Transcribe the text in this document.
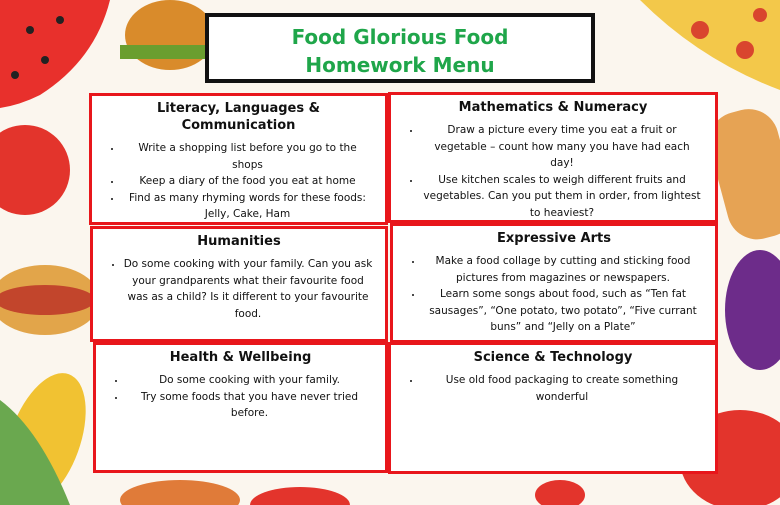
Food Glorious Food
Homework Menu
Literacy, Languages & Communication
• Write a shopping list before you go to the shops
• Keep a diary of the food you eat at home
• Find as many rhyming words for these foods: Jelly, Cake, Ham
Mathematics & Numeracy
• Draw a picture every time you eat a fruit or vegetable – count how many you have had each day!
• Use kitchen scales to weigh different fruits and vegetables. Can you put them in order, from lightest to heaviest?
Humanities
• Do some cooking with your family. Can you ask your grandparents what their favourite food was as a child? Is it different to your favourite food.
Expressive Arts
• Make a food collage by cutting and sticking food pictures from magazines or newspapers.
• Learn some songs about food, such as “Ten fat sausages”, “One potato, two potato”, “Five currant buns” and “Jelly on a Plate”
Health & Wellbeing
• Do some cooking with your family.
• Try some foods that you have never tried before.
Science & Technology
• Use old food packaging to create something wonderful
